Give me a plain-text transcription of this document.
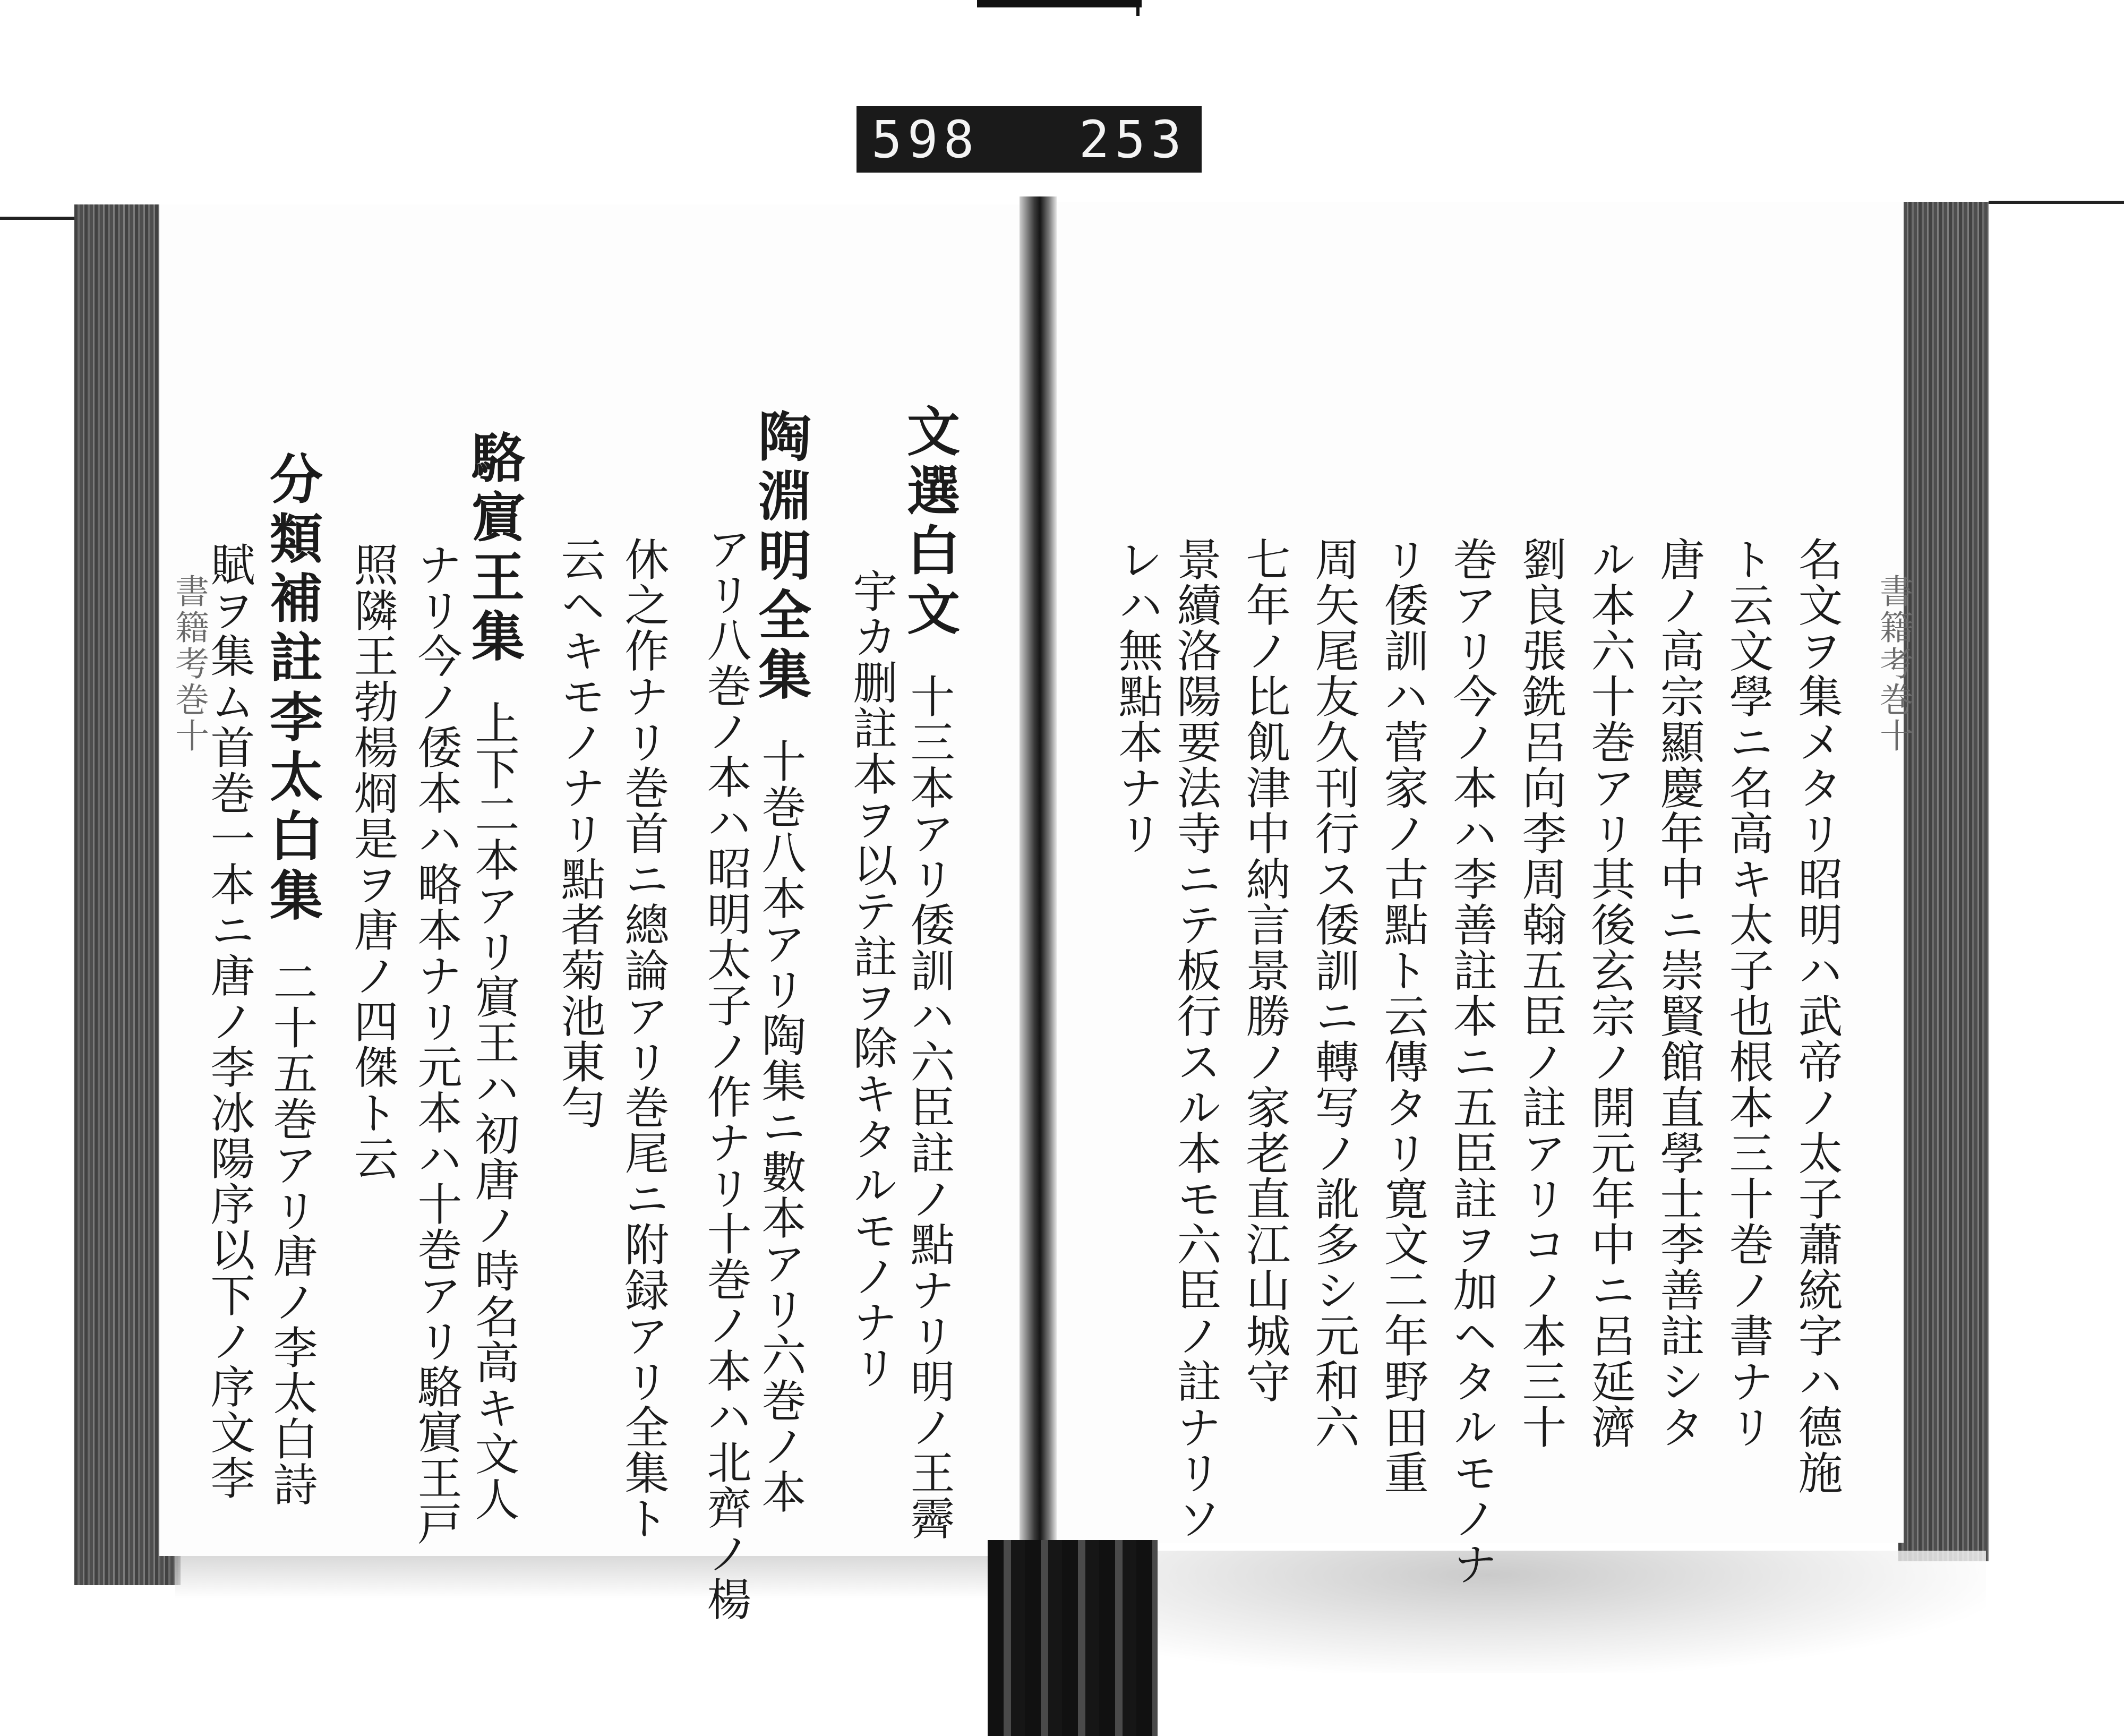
598 253
書籍考巻十
文選白文十三本アリ倭訓ハ六臣註ノ點ナリ明ノ王霽
宇カ删註本ヲ以テ註ヲ除キタルモノナリ
陶淵明全集十巻八本アリ陶集ニ數本アリ六巻ノ本
アリ八巻ノ本ハ昭明太子ノ作ナリ十巻ノ本ハ北齊ノ楊
休之作ナリ巻首ニ總論アリ巻尾ニ附録アリ全集ト
云ヘキモノナリ點者菊池東勻
駱賔王集上下二本アリ賔王ハ初唐ノ時名高キ文人
ナリ今ノ倭本ハ略本ナリ元本ハ十巻アリ駱賔王戸
照隣王勃楊烱是ヲ唐ノ四傑ト云
分類補註李太白集二十五巻アリ唐ノ李太白詩
賦ヲ集ム首巻一本ニ唐ノ李冰陽序以下ノ序文李	書籍考巻十
名文ヲ集メタリ昭明ハ武帝ノ太子蕭統字ハ德施
ト云文學ニ名高キ太子也根本三十巻ノ書ナリ
唐ノ高宗顯慶年中ニ崇賢館直學士李善註シタ
ル本六十巻アリ其後玄宗ノ開元年中ニ呂延濟
劉良張銑呂向李周翰五臣ノ註アリコノ本三十
巻アリ今ノ本ハ李善註本ニ五臣註ヲ加ヘタルモノナ
リ倭訓ハ菅家ノ古點ト云傳タリ寛文二年野田重
周矢尾友久刊行ス倭訓ニ轉写ノ訛多シ元和六
七年ノ比飢津中納言景勝ノ家老直江山城守
景續洛陽要法寺ニテ板行スル本モ六臣ノ註ナリソ
レハ無點本ナリ
